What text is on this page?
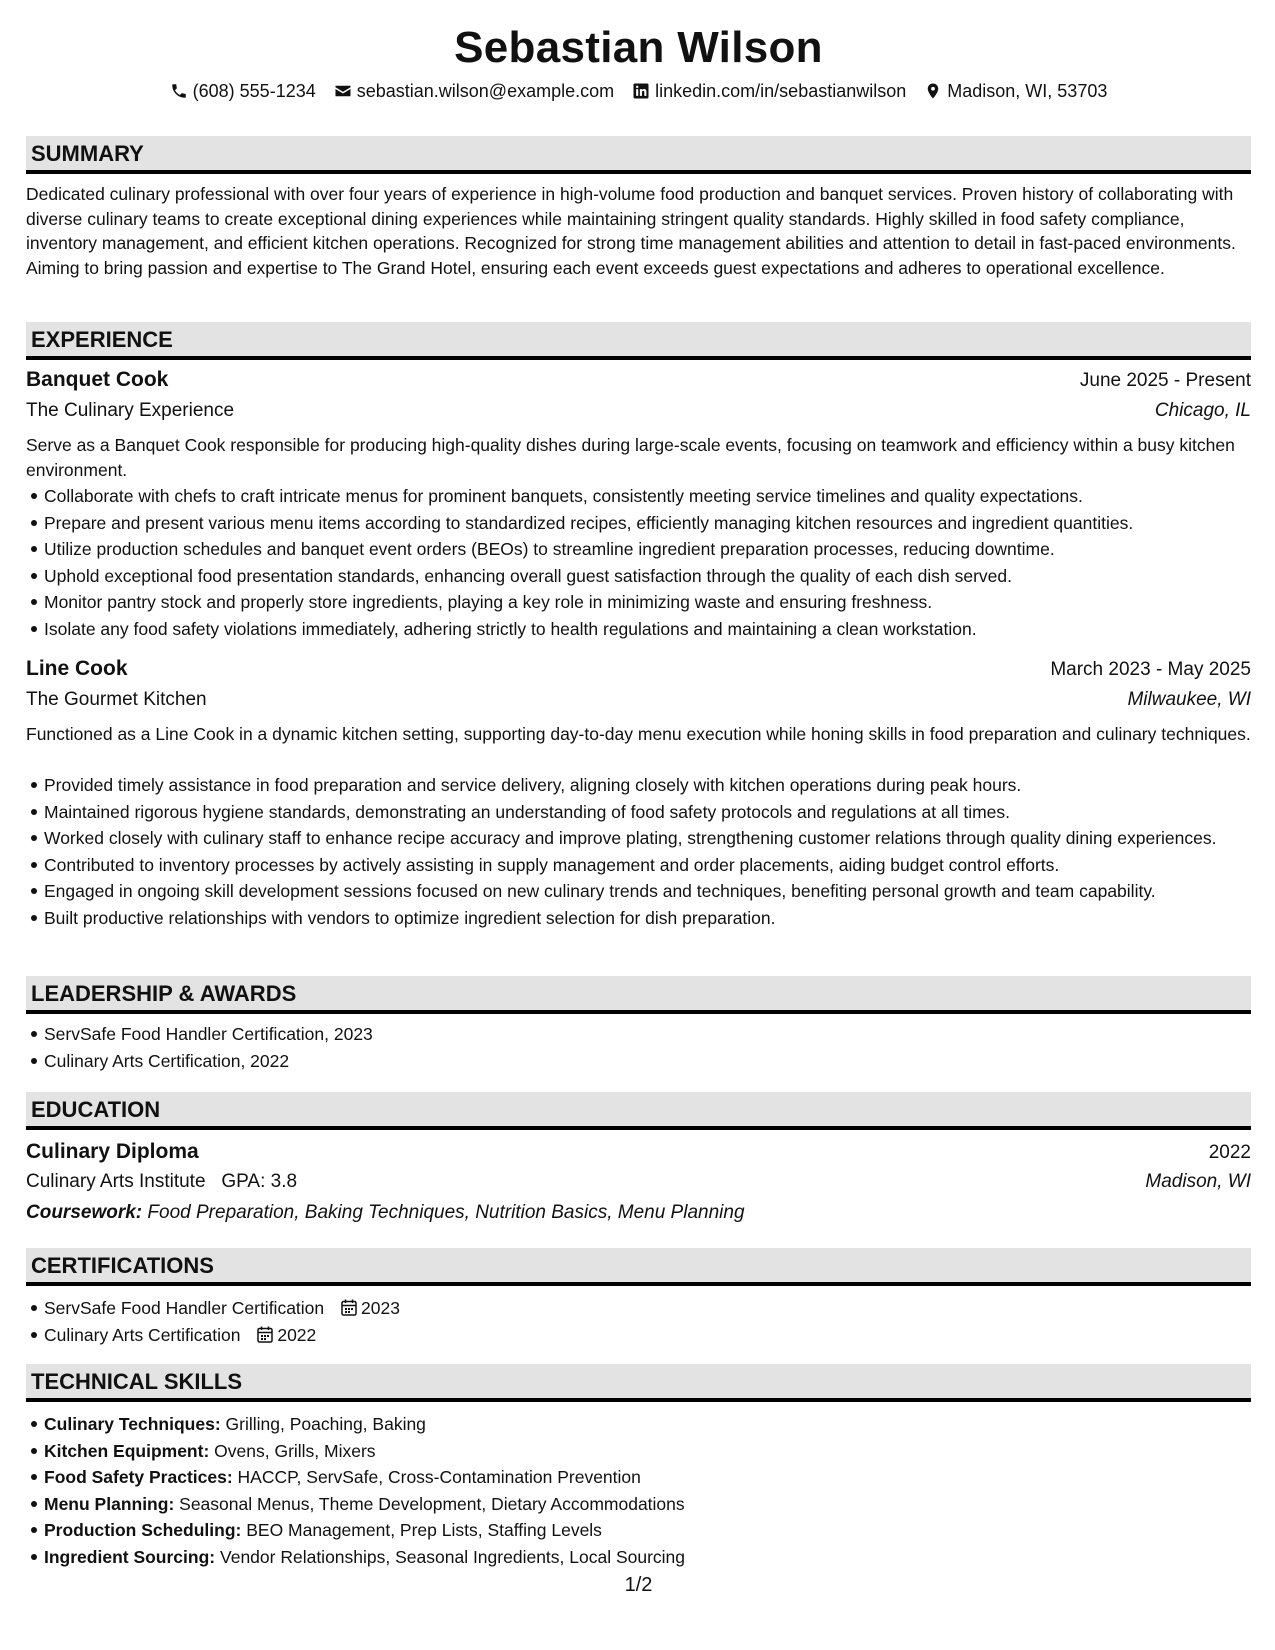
Sebastian Wilson
(608) 555-1234 sebastian.wilson@example.com linkedin.com/in/sebastianwilson Madison, WI, 53703
SUMMARY
Dedicated culinary professional with over four years of experience in high-volume food production and banquet services. Proven history of collaborating with diverse culinary teams to create exceptional dining experiences while maintaining stringent quality standards. Highly skilled in food safety compliance, inventory management, and efficient kitchen operations. Recognized for strong time management abilities and attention to detail in fast-paced environments. Aiming to bring passion and expertise to The Grand Hotel, ensuring each event exceeds guest expectations and adheres to operational excellence.
EXPERIENCE
Banquet Cook	June 2025 - Present
The Culinary Experience	Chicago, IL
Serve as a Banquet Cook responsible for producing high-quality dishes during large-scale events, focusing on teamwork and efficiency within a busy kitchen environment.
Collaborate with chefs to craft intricate menus for prominent banquets, consistently meeting service timelines and quality expectations.
Prepare and present various menu items according to standardized recipes, efficiently managing kitchen resources and ingredient quantities.
Utilize production schedules and banquet event orders (BEOs) to streamline ingredient preparation processes, reducing downtime.
Uphold exceptional food presentation standards, enhancing overall guest satisfaction through the quality of each dish served.
Monitor pantry stock and properly store ingredients, playing a key role in minimizing waste and ensuring freshness.
Isolate any food safety violations immediately, adhering strictly to health regulations and maintaining a clean workstation.
Line Cook	March 2023 - May 2025
The Gourmet Kitchen	Milwaukee, WI
Functioned as a Line Cook in a dynamic kitchen setting, supporting day-to-day menu execution while honing skills in food preparation and culinary techniques.
Provided timely assistance in food preparation and service delivery, aligning closely with kitchen operations during peak hours.
Maintained rigorous hygiene standards, demonstrating an understanding of food safety protocols and regulations at all times.
Worked closely with culinary staff to enhance recipe accuracy and improve plating, strengthening customer relations through quality dining experiences.
Contributed to inventory processes by actively assisting in supply management and order placements, aiding budget control efforts.
Engaged in ongoing skill development sessions focused on new culinary trends and techniques, benefiting personal growth and team capability.
Built productive relationships with vendors to optimize ingredient selection for dish preparation.
LEADERSHIP & AWARDS
ServSafe Food Handler Certification, 2023
Culinary Arts Certification, 2022
EDUCATION
Culinary Diploma	2022
Culinary Arts Institute GPA: 3.8	Madison, WI
Coursework: Food Preparation, Baking Techniques, Nutrition Basics, Menu Planning
CERTIFICATIONS
ServSafe Food Handler Certification 2023
Culinary Arts Certification 2022
TECHNICAL SKILLS
Culinary Techniques: Grilling, Poaching, Baking
Kitchen Equipment: Ovens, Grills, Mixers
Food Safety Practices: HACCP, ServSafe, Cross-Contamination Prevention
Menu Planning: Seasonal Menus, Theme Development, Dietary Accommodations
Production Scheduling: BEO Management, Prep Lists, Staffing Levels
Ingredient Sourcing: Vendor Relationships, Seasonal Ingredients, Local Sourcing
1/2
